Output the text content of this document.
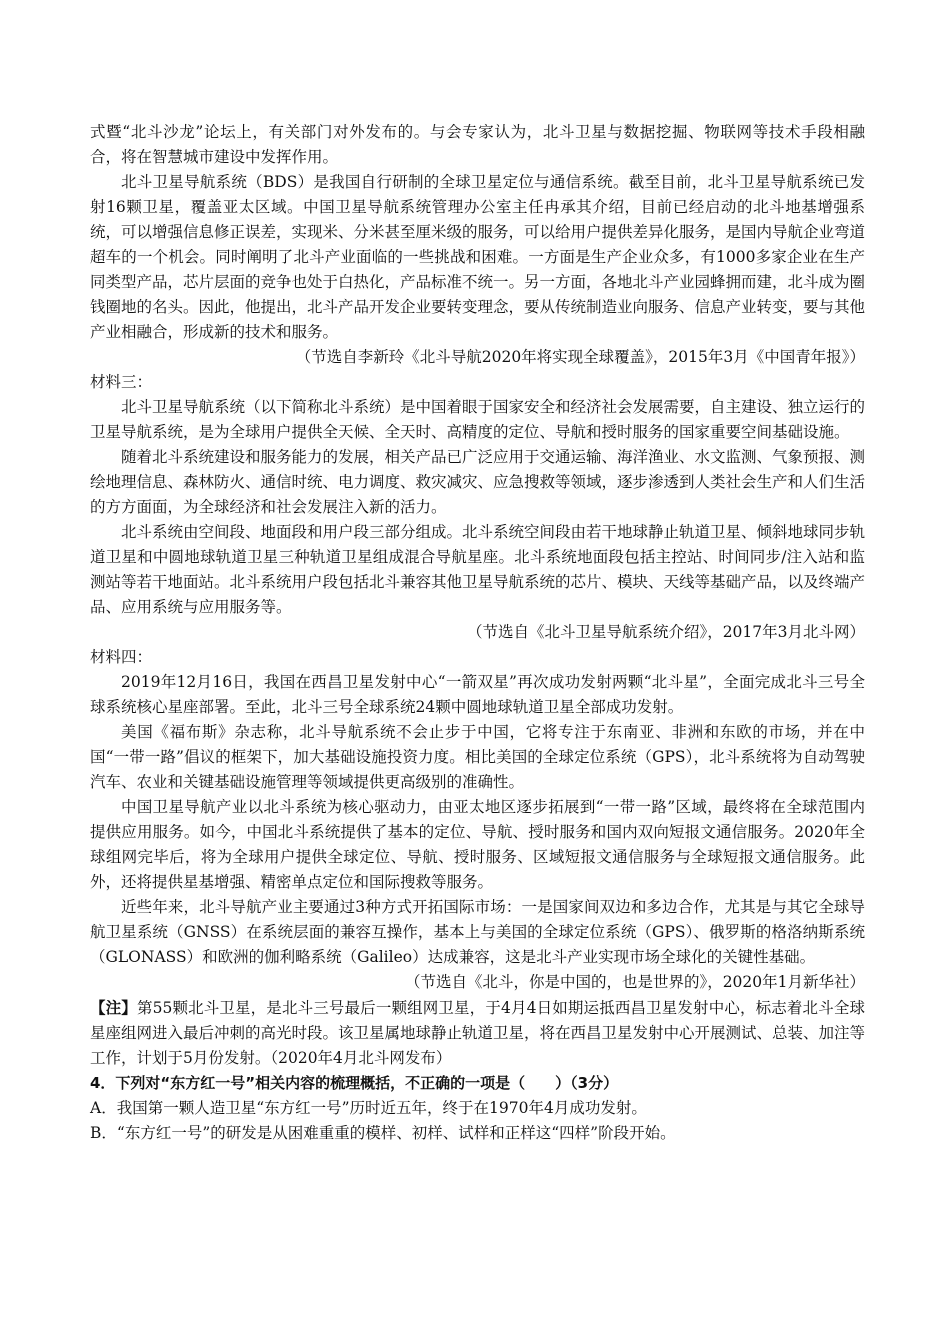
式暨“北斗沙龙”论坛上，有关部门对外发布的。与会专家认为，北斗卫星与数据挖掘、物联网等技术手段相融合，将在智慧城市建设中发挥作用。

北斗卫星导航系统（BDS）是我国自行研制的全球卫星定位与通信系统。截至目前，北斗卫星导航系统已发射16颗卫星，覆盖亚太区域。中国卫星导航系统管理办公室主任冉承其介绍，目前已经启动的北斗地基增强系统，可以增强信息修正误差，实现米、分米甚至厘米级的服务，可以给用户提供差异化服务，是国内导航企业弯道超车的一个机会。同时阐明了北斗产业面临的一些挑战和困难。一方面是生产企业众多，有1000多家企业在生产同类型产品，芯片层面的竞争也处于白热化，产品标准不统一。另一方面，各地北斗产业园蜂拥而建，北斗成为圈钱圈地的名头。因此，他提出，北斗产品开发企业要转变理念，要从传统制造业向服务、信息产业转变，要与其他产业相融合，形成新的技术和服务。

（节选自李新玲《北斗导航2020年将实现全球覆盖》，2015年3月《中国青年报》）

材料三：

北斗卫星导航系统（以下简称北斗系统）是中国着眼于国家安全和经济社会发展需要，自主建设、独立运行的卫星导航系统，是为全球用户提供全天候、全天时、高精度的定位、导航和授时服务的国家重要空间基础设施。

随着北斗系统建设和服务能力的发展，相关产品已广泛应用于交通运输、海洋渔业、水文监测、气象预报、测绘地理信息、森林防火、通信时统、电力调度、救灾减灾、应急搜救等领域，逐步渗透到人类社会生产和人们生活的方方面面，为全球经济和社会发展注入新的活力。

北斗系统由空间段、地面段和用户段三部分组成。北斗系统空间段由若干地球静止轨道卫星、倾斜地球同步轨道卫星和中圆地球轨道卫星三种轨道卫星组成混合导航星座。北斗系统地面段包括主控站、时间同步/注入站和监测站等若干地面站。北斗系统用户段包括北斗兼容其他卫星导航系统的芯片、模块、天线等基础产品，以及终端产品、应用系统与应用服务等。

（节选自《北斗卫星导航系统介绍》，2017年3月北斗网）

材料四：

2019年12月16日，我国在西昌卫星发射中心“一箭双星”再次成功发射两颗“北斗星”，全面完成北斗三号全球系统核心星座部署。至此，北斗三号全球系统24颗中圆地球轨道卫星全部成功发射。

美国《福布斯》杂志称，北斗导航系统不会止步于中国，它将专注于东南亚、非洲和东欧的市场，并在中国“一带一路”倡议的框架下，加大基础设施投资力度。相比美国的全球定位系统（GPS），北斗系统将为自动驾驶汽车、农业和关键基础设施管理等领域提供更高级别的准确性。

中国卫星导航产业以北斗系统为核心驱动力，由亚太地区逐步拓展到“一带一路”区域，最终将在全球范围内提供应用服务。如今，中国北斗系统提供了基本的定位、导航、授时服务和国内双向短报文通信服务。2020年全球组网完毕后，将为全球用户提供全球定位、导航、授时服务、区域短报文通信服务与全球短报文通信服务。此外，还将提供星基增强、精密单点定位和国际搜救等服务。

近些年来，北斗导航产业主要通过3种方式开拓国际市场：一是国家间双边和多边合作，尤其是与其它全球导航卫星系统（GNSS）在系统层面的兼容互操作，基本上与美国的全球定位系统（GPS）、俄罗斯的格洛纳斯系统（GLONASS）和欧洲的伽利略系统（Galileo）达成兼容，这是北斗产业实现市场全球化的关键性基础。

（节选自《北斗，你是中国的，也是世界的》，2020年1月新华社）

【注】第55颗北斗卫星，是北斗三号最后一颗组网卫星，于4月4日如期运抵西昌卫星发射中心，标志着北斗全球星座组网进入最后冲刺的高光时段。该卫星属地球静止轨道卫星，将在西昌卫星发射中心开展测试、总装、加注等工作，计划于5月份发射。（2020年4月北斗网发布）

4．下列对“东方红一号”相关内容的梳理概括，不正确的一项是（　　）（3分）

A．我国第一颗人造卫星“东方红一号”历时近五年，终于在1970年4月成功发射。

B．“东方红一号”的研发是从困难重重的模样、初样、试样和正样这“四样”阶段开始。
